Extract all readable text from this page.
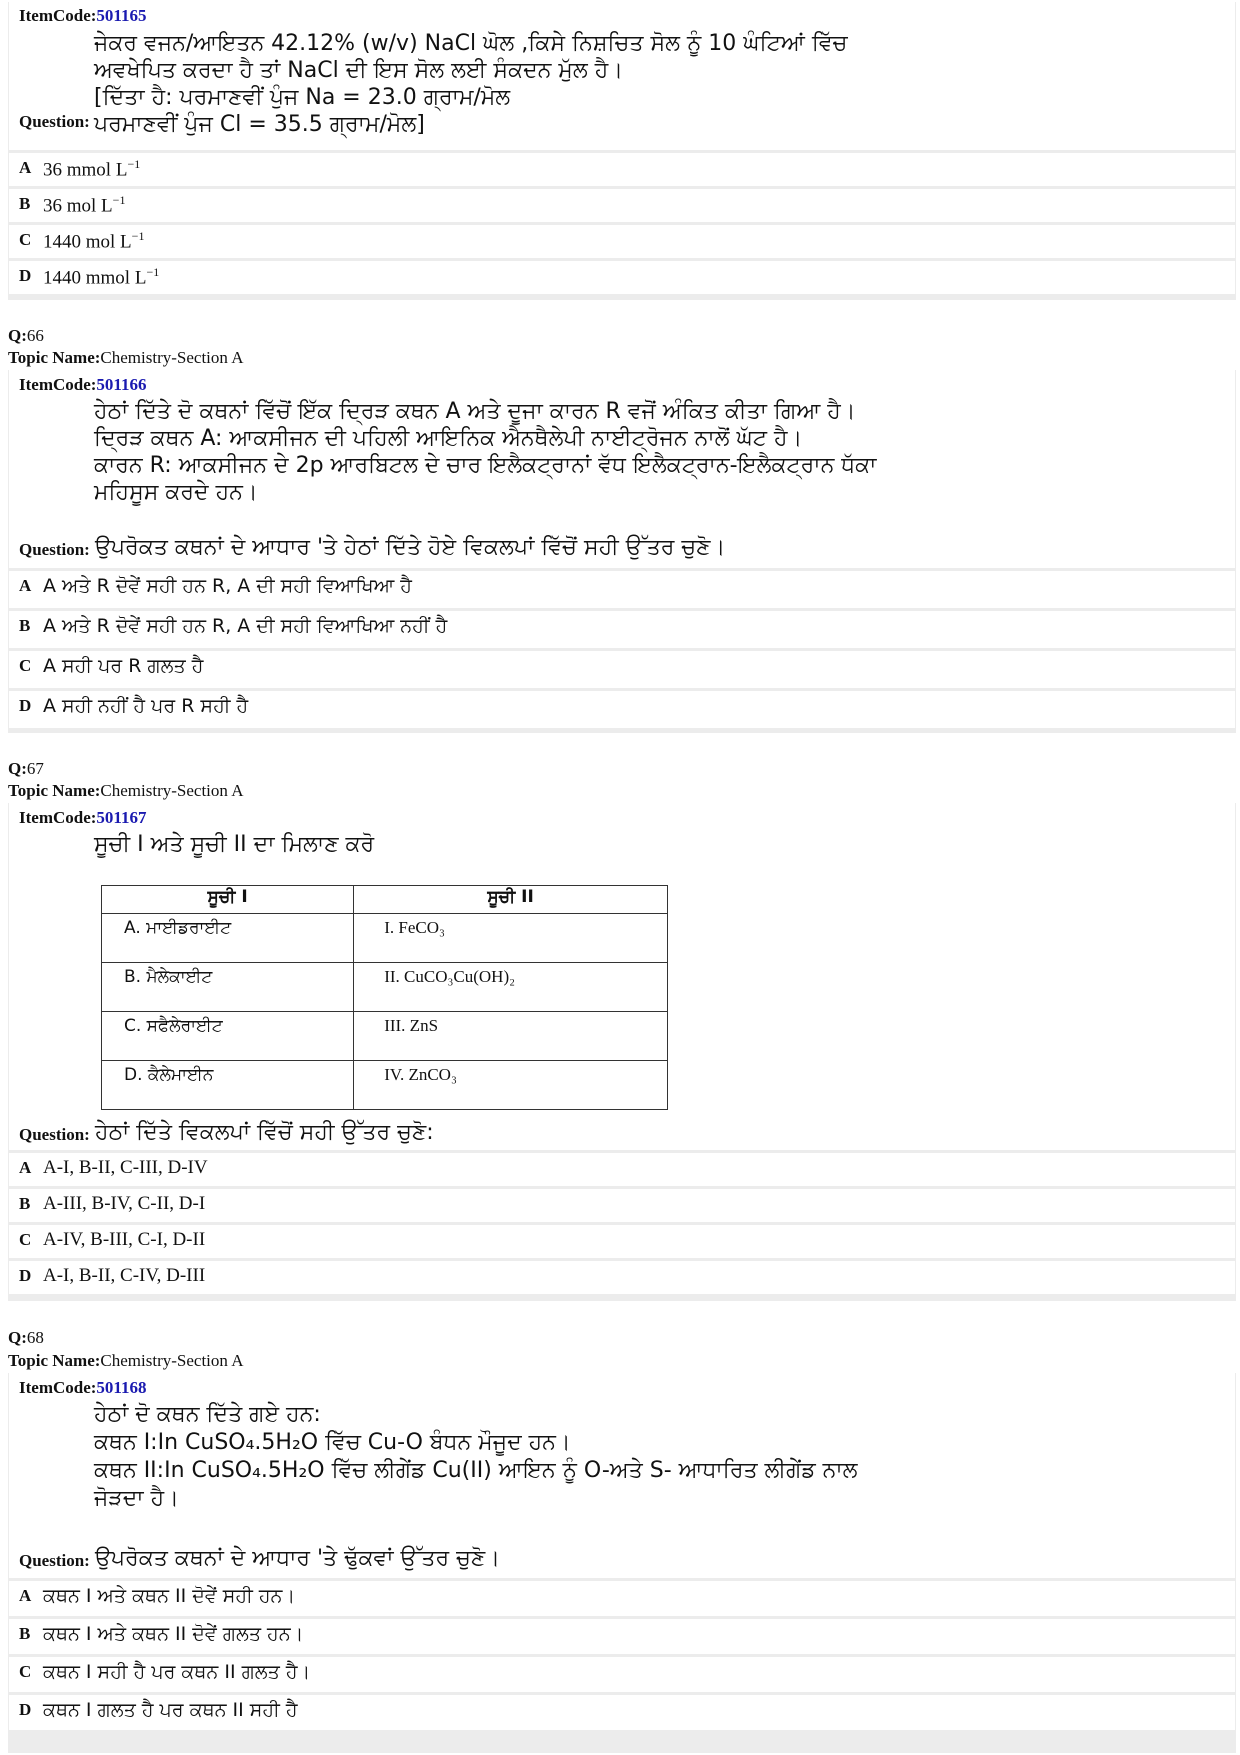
ItemCode:501165
ਜੇਕਰ ਵਜਨ/ਆਇਤਨ 42.12% (w/v) NaCl ਘੋਲ ,ਕਿਸੇ ਨਿਸ਼ਚਿਤ ਸੋਲ ਨੂੰ 10 ਘੰਟਿਆਂ ਵਿੱਚ
ਅਵਖੇਪਿਤ ਕਰਦਾ ਹੈ ਤਾਂ NaCl ਦੀ ਇਸ ਸੋਲ ਲਈ ਸੰਕਦਨ ਮੁੱਲ ਹੈ।
[ਦਿੱਤਾ ਹੈ: ਪਰਮਾਣਵੀਂ ਪੁੰਜ Na = 23.0 ਗ੍ਰਾਮ/ਮੋਲ
Question: ਪਰਮਾਣਵੀਂ ਪੁੰਜ Cl = 35.5 ਗ੍ਰਾਮ/ਮੋਲ]
A 36 mmol $L^{-1}$
B 36 mol $L^{-1}$
C 1440 mol $L^{-1}$
D 1440 mmol $L^{-1}$
Q:66
Topic Name:Chemistry-Section A
ItemCode:501166
ਹੇਠਾਂ ਦਿੱਤੇ ਦੋ ਕਥਨਾਂ ਵਿੱਚੋਂ ਇੱਕ ਦ੍ਰਿੜ ਕਥਨ A ਅਤੇ ਦੂਜਾ ਕਾਰਨ R ਵਜੋਂ ਅੰਕਿਤ ਕੀਤਾ ਗਿਆ ਹੈ।
ਦ੍ਰਿੜ ਕਥਨ A: ਆਕਸੀਜਨ ਦੀ ਪਹਿਲੀ ਆਇਨਿਕ ਐਨਥੈਲੇਪੀ ਨਾਈਟ੍ਰੋਜਨ ਨਾਲੋਂ ਘੱਟ ਹੈ।
ਕਾਰਨ R: ਆਕਸੀਜਨ ਦੇ 2p ਆਰਬਿਟਲ ਦੇ ਚਾਰ ਇਲੈਕਟ੍ਰਾਨਾਂ ਵੱਧ ਇਲੈਕਟ੍ਰਾਨ-ਇਲੈਕਟ੍ਰਾਨ ਧੱਕਾ
ਮਹਿਸੂਸ ਕਰਦੇ ਹਨ।
Question: ਉਪਰੋਕਤ ਕਥਨਾਂ ਦੇ ਆਧਾਰ 'ਤੇ ਹੇਠਾਂ ਦਿੱਤੇ ਹੋਏ ਵਿਕਲਪਾਂ ਵਿੱਚੋਂ ਸਹੀ ਉੱਤਰ ਚੁਣੋ।
A A ਅਤੇ R ਦੋਵੇਂ ਸਹੀ ਹਨ R, A ਦੀ ਸਹੀ ਵਿਆਖਿਆ ਹੈ
B A ਅਤੇ R ਦੋਵੇਂ ਸਹੀ ਹਨ R, A ਦੀ ਸਹੀ ਵਿਆਖਿਆ ਨਹੀਂ ਹੈ
C A ਸਹੀ ਪਰ R ਗਲਤ ਹੈ
D A ਸਹੀ ਨਹੀਂ ਹੈ ਪਰ R ਸਹੀ ਹੈ
Q:67
Topic Name:Chemistry-Section A
ItemCode:501167
ਸੂਚੀ I ਅਤੇ ਸੂਚੀ II ਦਾ ਮਿਲਾਣ ਕਰੋ
ਸੂਚੀ I	ਸੂਚੀ II
A. ਮਾਈਡਰਾਈਟ	I. FeCO₃
B. ਮੈਲੇਕਾਈਟ	II. CuCO₃Cu(OH)₂
C. ਸਫੈਲੇਰਾਈਟ	III. ZnS
D. ਕੈਲੇਮਾਈਨ	IV. ZnCO₃
Question: ਹੇਠਾਂ ਦਿੱਤੇ ਵਿਕਲਪਾਂ ਵਿੱਚੋਂ ਸਹੀ ਉੱਤਰ ਚੁਣੋ:
A A-I, B-II, C-III, D-IV
B A-III, B-IV, C-II, D-I
C A-IV, B-III, C-I, D-II
D A-I, B-II, C-IV, D-III
Q:68
Topic Name:Chemistry-Section A
ItemCode:501168
ਹੇਠਾਂ ਦੋ ਕਥਨ ਦਿੱਤੇ ਗਏ ਹਨ:
ਕਥਨ I:In CuSO₄.5H₂O ਵਿੱਚ Cu-O ਬੰਧਨ ਮੌਜੂਦ ਹਨ।
ਕਥਨ II:In CuSO₄.5H₂O ਵਿੱਚ ਲੀਗੇਂਡ Cu(II) ਆਇਨ ਨੂੰ O-ਅਤੇ S- ਆਧਾਰਿਤ ਲੀਗੇਂਡ ਨਾਲ
ਜੋੜਦਾ ਹੈ।
Question: ਉਪਰੋਕਤ ਕਥਨਾਂ ਦੇ ਆਧਾਰ 'ਤੇ ਢੁੱਕਵਾਂ ਉੱਤਰ ਚੁਣੋ।
A ਕਥਨ I ਅਤੇ ਕਥਨ II ਦੋਵੇਂ ਸਹੀ ਹਨ।
B ਕਥਨ I ਅਤੇ ਕਥਨ II ਦੋਵੇਂ ਗਲਤ ਹਨ।
C ਕਥਨ I ਸਹੀ ਹੈ ਪਰ ਕਥਨ II ਗਲਤ ਹੈ।
D ਕਥਨ I ਗਲਤ ਹੈ ਪਰ ਕਥਨ II ਸਹੀ ਹੈ
